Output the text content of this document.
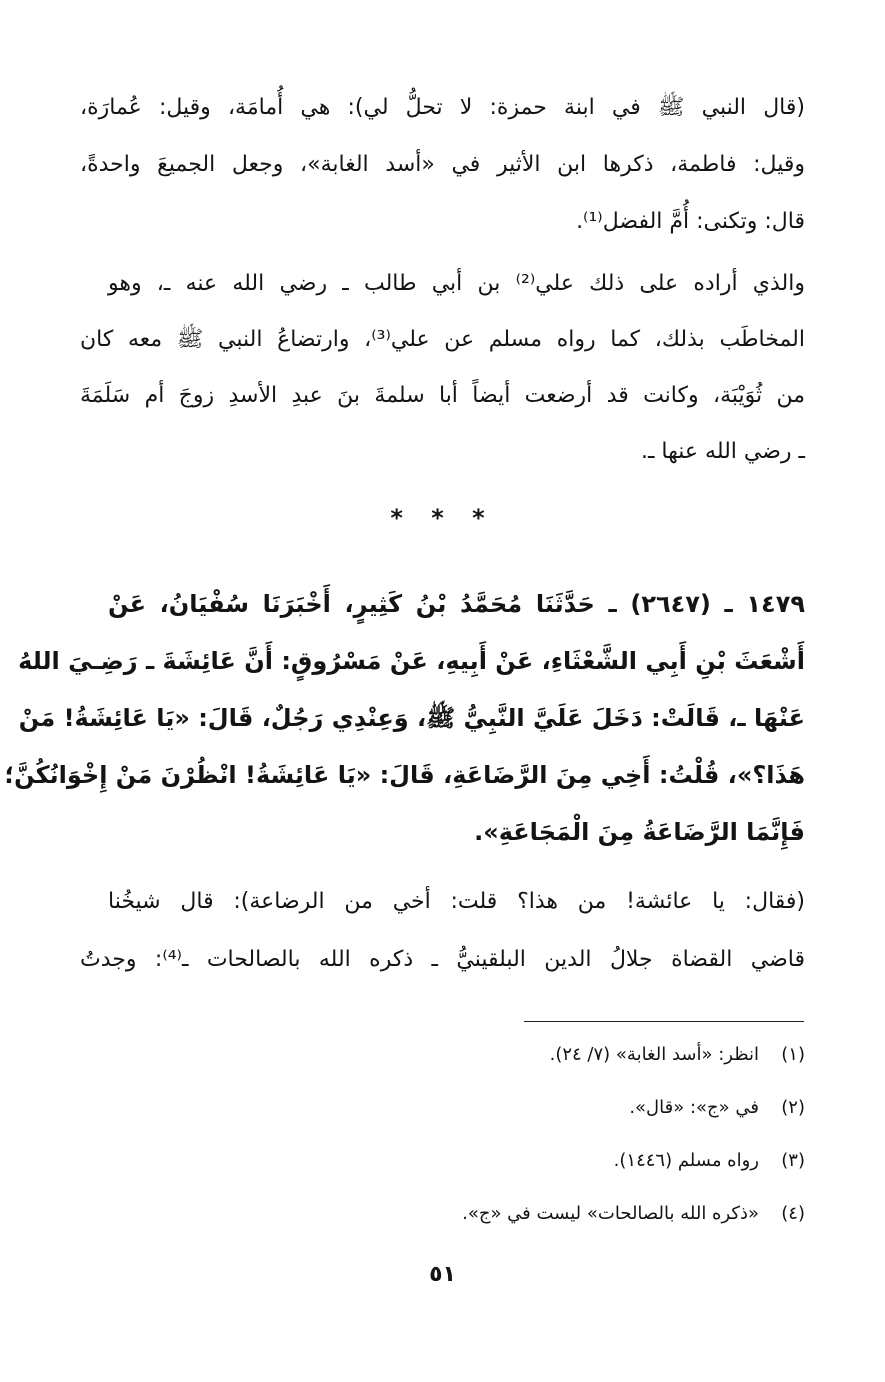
(قال النبي ﷺ في ابنة حمزة: لا تحلُّ لي): هي أُمامَة، وقيل: عُمارَة،
وقيل: فاطمة، ذكرها ابن الأثير في «أسد الغابة»، وجعل الجميعَ واحدةً،
قال: وتكنى: أُمَّ الفضل⁽¹⁾.
والذي أراده على ذلك علي⁽²⁾ بن أبي طالب ـ رضي الله عنه ـ، وهو
المخاطَب بذلك، كما رواه مسلم عن علي⁽³⁾، وارتضاعُ النبي ﷺ معه كان
من ثُوَيْبَة، وكانت قد أرضعت أيضاً أبا سلمةَ بنَ عبدِ الأسدِ زوجَ أم سَلَمَةَ
ـ رضي الله عنها ـ.
* * *
١٤٧٩ ـ (٢٦٤٧) ـ حَدَّثَنَا مُحَمَّدُ بْنُ كَثِيرٍ، أَخْبَرَنَا سُفْيَانُ، عَنْ
أَشْعَثَ بْنِ أَبِي الشَّعْثَاءِ، عَنْ أَبِيهِ، عَنْ مَسْرُوقٍ: أَنَّ عَائِشَةَ ـ رَضِـيَ اللهُ
عَنْهَا ـ، قَالَتْ: دَخَلَ عَلَيَّ النَّبِيُّ ﷺ، وَعِنْدِي رَجُلٌ، قَالَ: «يَا عَائِشَةُ! مَنْ
هَذَا؟»، قُلْتُ: أَخِي مِنَ الرَّضَاعَةِ، قَالَ: «يَا عَائِشَةُ! انْظُرْنَ مَنْ إِخْوَانُكُنَّ؛
فَإِنَّمَا الرَّضَاعَةُ مِنَ الْمَجَاعَةِ».
(فقال: يا عائشة! من هذا؟ قلت: أخي من الرضاعة): قال شيخُنا
قاضي القضاة جلالُ الدين البلقينيُّ ـ ذكره الله بالصالحات ـ⁽⁴⁾: وجدتُ
(١)
انظر: «أسد الغابة» (٧/ ٢٤).
(٢)
في «ج»: «قال».
(٣)
رواه مسلم (١٤٤٦).
(٤)
«ذكره الله بالصالحات» ليست في «ج».
٥١
